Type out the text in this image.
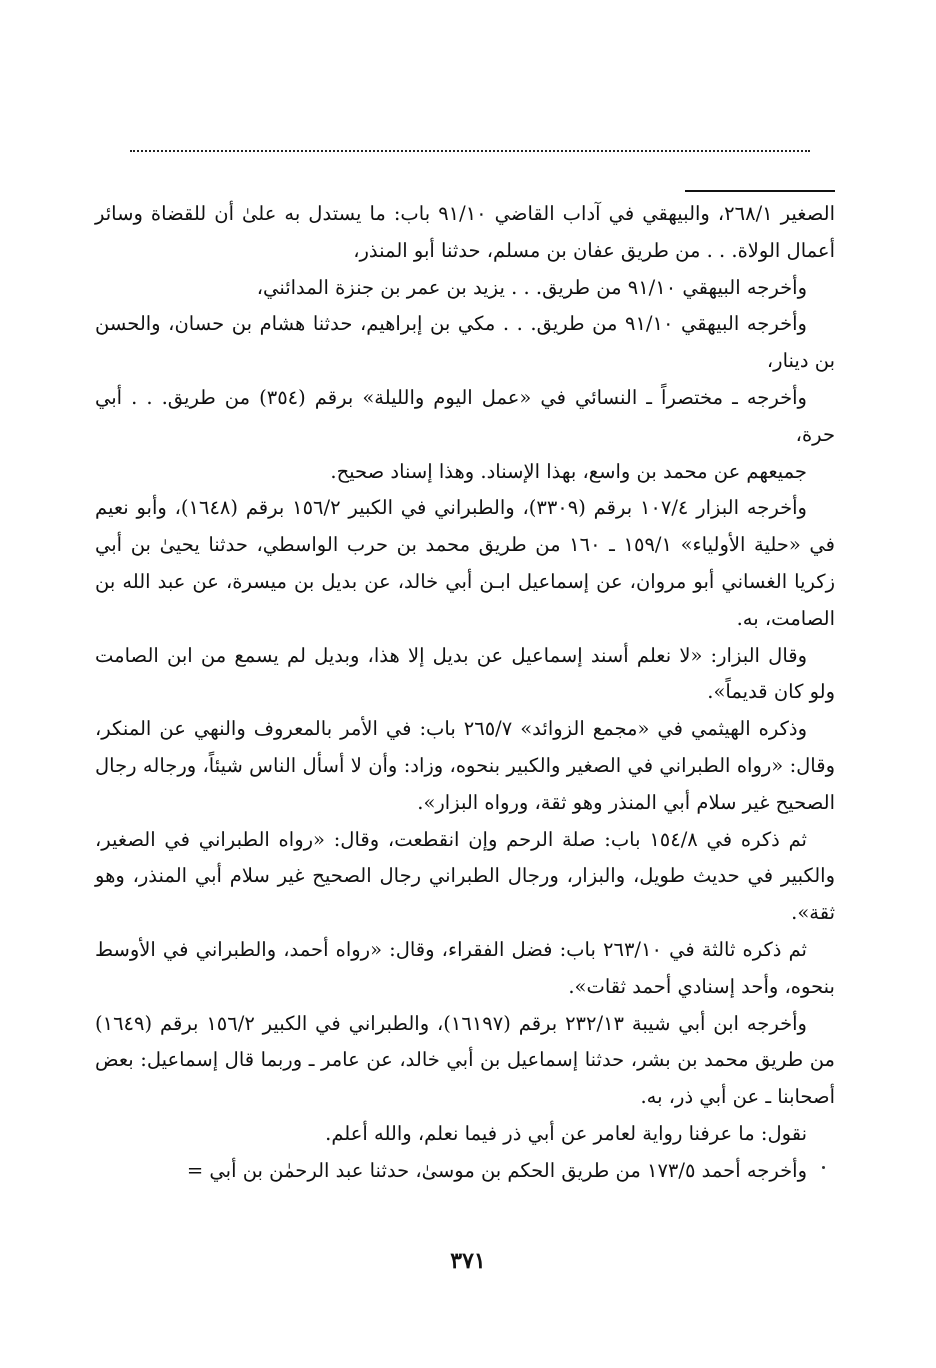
الصغير ٢٦٨/١، والبيهقي في آداب القاضي ٩١/١٠ باب: ما يستدل به علىٰ أن للقضاة وسائر أعمال الولاة. . . من طريق عفان بن مسلم، حدثنا أبو المنذر،

وأخرجه البيهقي ٩١/١٠ من طريق. . . يزيد بن عمر بن جنزة المدائني،

وأخرجه البيهقي ٩١/١٠ من طريق. . . مكي بن إبراهيم، حدثنا هشام بن حسان، والحسن بن دينار،

وأخرجه ـ مختصراً ـ النسائي في «عمل اليوم والليلة» برقم (٣٥٤) من طريق. . . أبي حرة،

جميعهم عن محمد بن واسع، بهذا الإسناد. وهذا إسناد صحيح.

وأخرجه البزار ١٠٧/٤ برقم (٣٣٠٩)، والطبراني في الكبير ١٥٦/٢ برقم (١٦٤٨)، وأبو نعيم في «حلية الأولياء» ١٥٩/١ ـ ١٦٠ من طريق محمد بن حرب الواسطي، حدثنا يحيىٰ بن أبي زكريا الغساني أبو مروان، عن إسماعيل ابـن أبي خالد، عن بديل بن ميسرة، عن عبد الله بن الصامت، به.

وقال البزار: «لا نعلم أسند إسماعيل عن بديل إلا هذا، وبديل لم يسمع من ابن الصامت ولو كان قديماً».

وذكره الهيثمي في «مجمع الزوائد» ٢٦٥/٧ باب: في الأمر بالمعروف والنهي عن المنكر، وقال: «رواه الطبراني في الصغير والكبير بنحوه، وزاد: وأن لا أسأل الناس شيئاً، ورجاله رجال الصحيح غير سلام أبي المنذر وهو ثقة، ورواه البزار».

ثم ذكره في ١٥٤/٨ باب: صلة الرحم وإن انقطعت، وقال: «رواه الطبراني في الصغير، والكبير في حديث طويل، والبزار، ورجال الطبراني رجال الصحيح غير سلام أبي المنذر، وهو ثقة».

ثم ذكره ثالثة في ٢٦٣/١٠ باب: فضل الفقراء، وقال: «رواه أحمد، والطبراني في الأوسط بنحوه، وأحد إسنادي أحمد ثقات».

وأخرجه ابن أبي شيبة ٢٣٢/١٣ برقم (١٦١٩٧)، والطبراني في الكبير ١٥٦/٢ برقم (١٦٤٩) من طريق محمد بن بشر، حدثنا إسماعيل بن أبي خالد، عن عامر ـ وربما قال إسماعيل: بعض أصحابنا ـ عن أبي ذر، به.

نقول: ما عرفنا رواية لعامر عن أبي ذر فيما نعلم، والله أعلم.

وأخرجه أحمد ١٧٣/٥ من طريق الحكم بن موسىٰ، حدثنا عبد الرحمٰن بن أبي =

٣٧١
